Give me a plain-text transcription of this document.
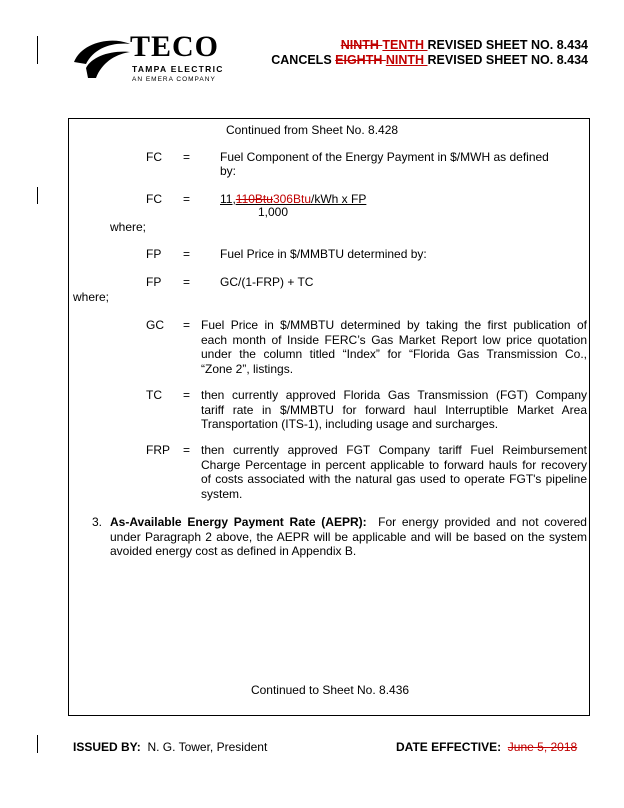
TECO
TAMPA ELECTRIC
AN EMERA COMPANY
NINTH TENTH REVISED SHEET NO. 8.434
CANCELS EIGHTH NINTH REVISED SHEET NO. 8.434
Continued from Sheet No. 8.428
FC = Fuel Component of the Energy Payment in $/MWH as defined
by:
FC = 11,110Btu306Btu/kWh x FP
1,000
where;
FP = Fuel Price in $/MMBTU determined by:
FP = GC/(1-FRP) + TC
where;
GC = Fuel Price in $/MMBTU determined by taking the first publication of
each month of Inside FERC’s Gas Market Report low price quotation
under the column titled “Index” for “Florida Gas Transmission Co.,
“Zone 2”, listings.
TC = then currently approved Florida Gas Transmission (FGT) Company
tariff rate in $/MMBTU for forward haul Interruptible Market Area
Transportation (ITS-1), including usage and surcharges.
FRP = then currently approved FGT Company tariff Fuel Reimbursement
Charge Percentage in percent applicable to forward hauls for recovery
of costs associated with the natural gas used to operate FGT's pipeline
system.
3. As-Available Energy Payment Rate (AEPR): For energy provided and not covered
under Paragraph 2 above, the AEPR will be applicable and will be based on the system
avoided energy cost as defined in Appendix B.
Continued to Sheet No. 8.436
ISSUED BY: N. G. Tower, President	DATE EFFECTIVE: June 5, 2018
